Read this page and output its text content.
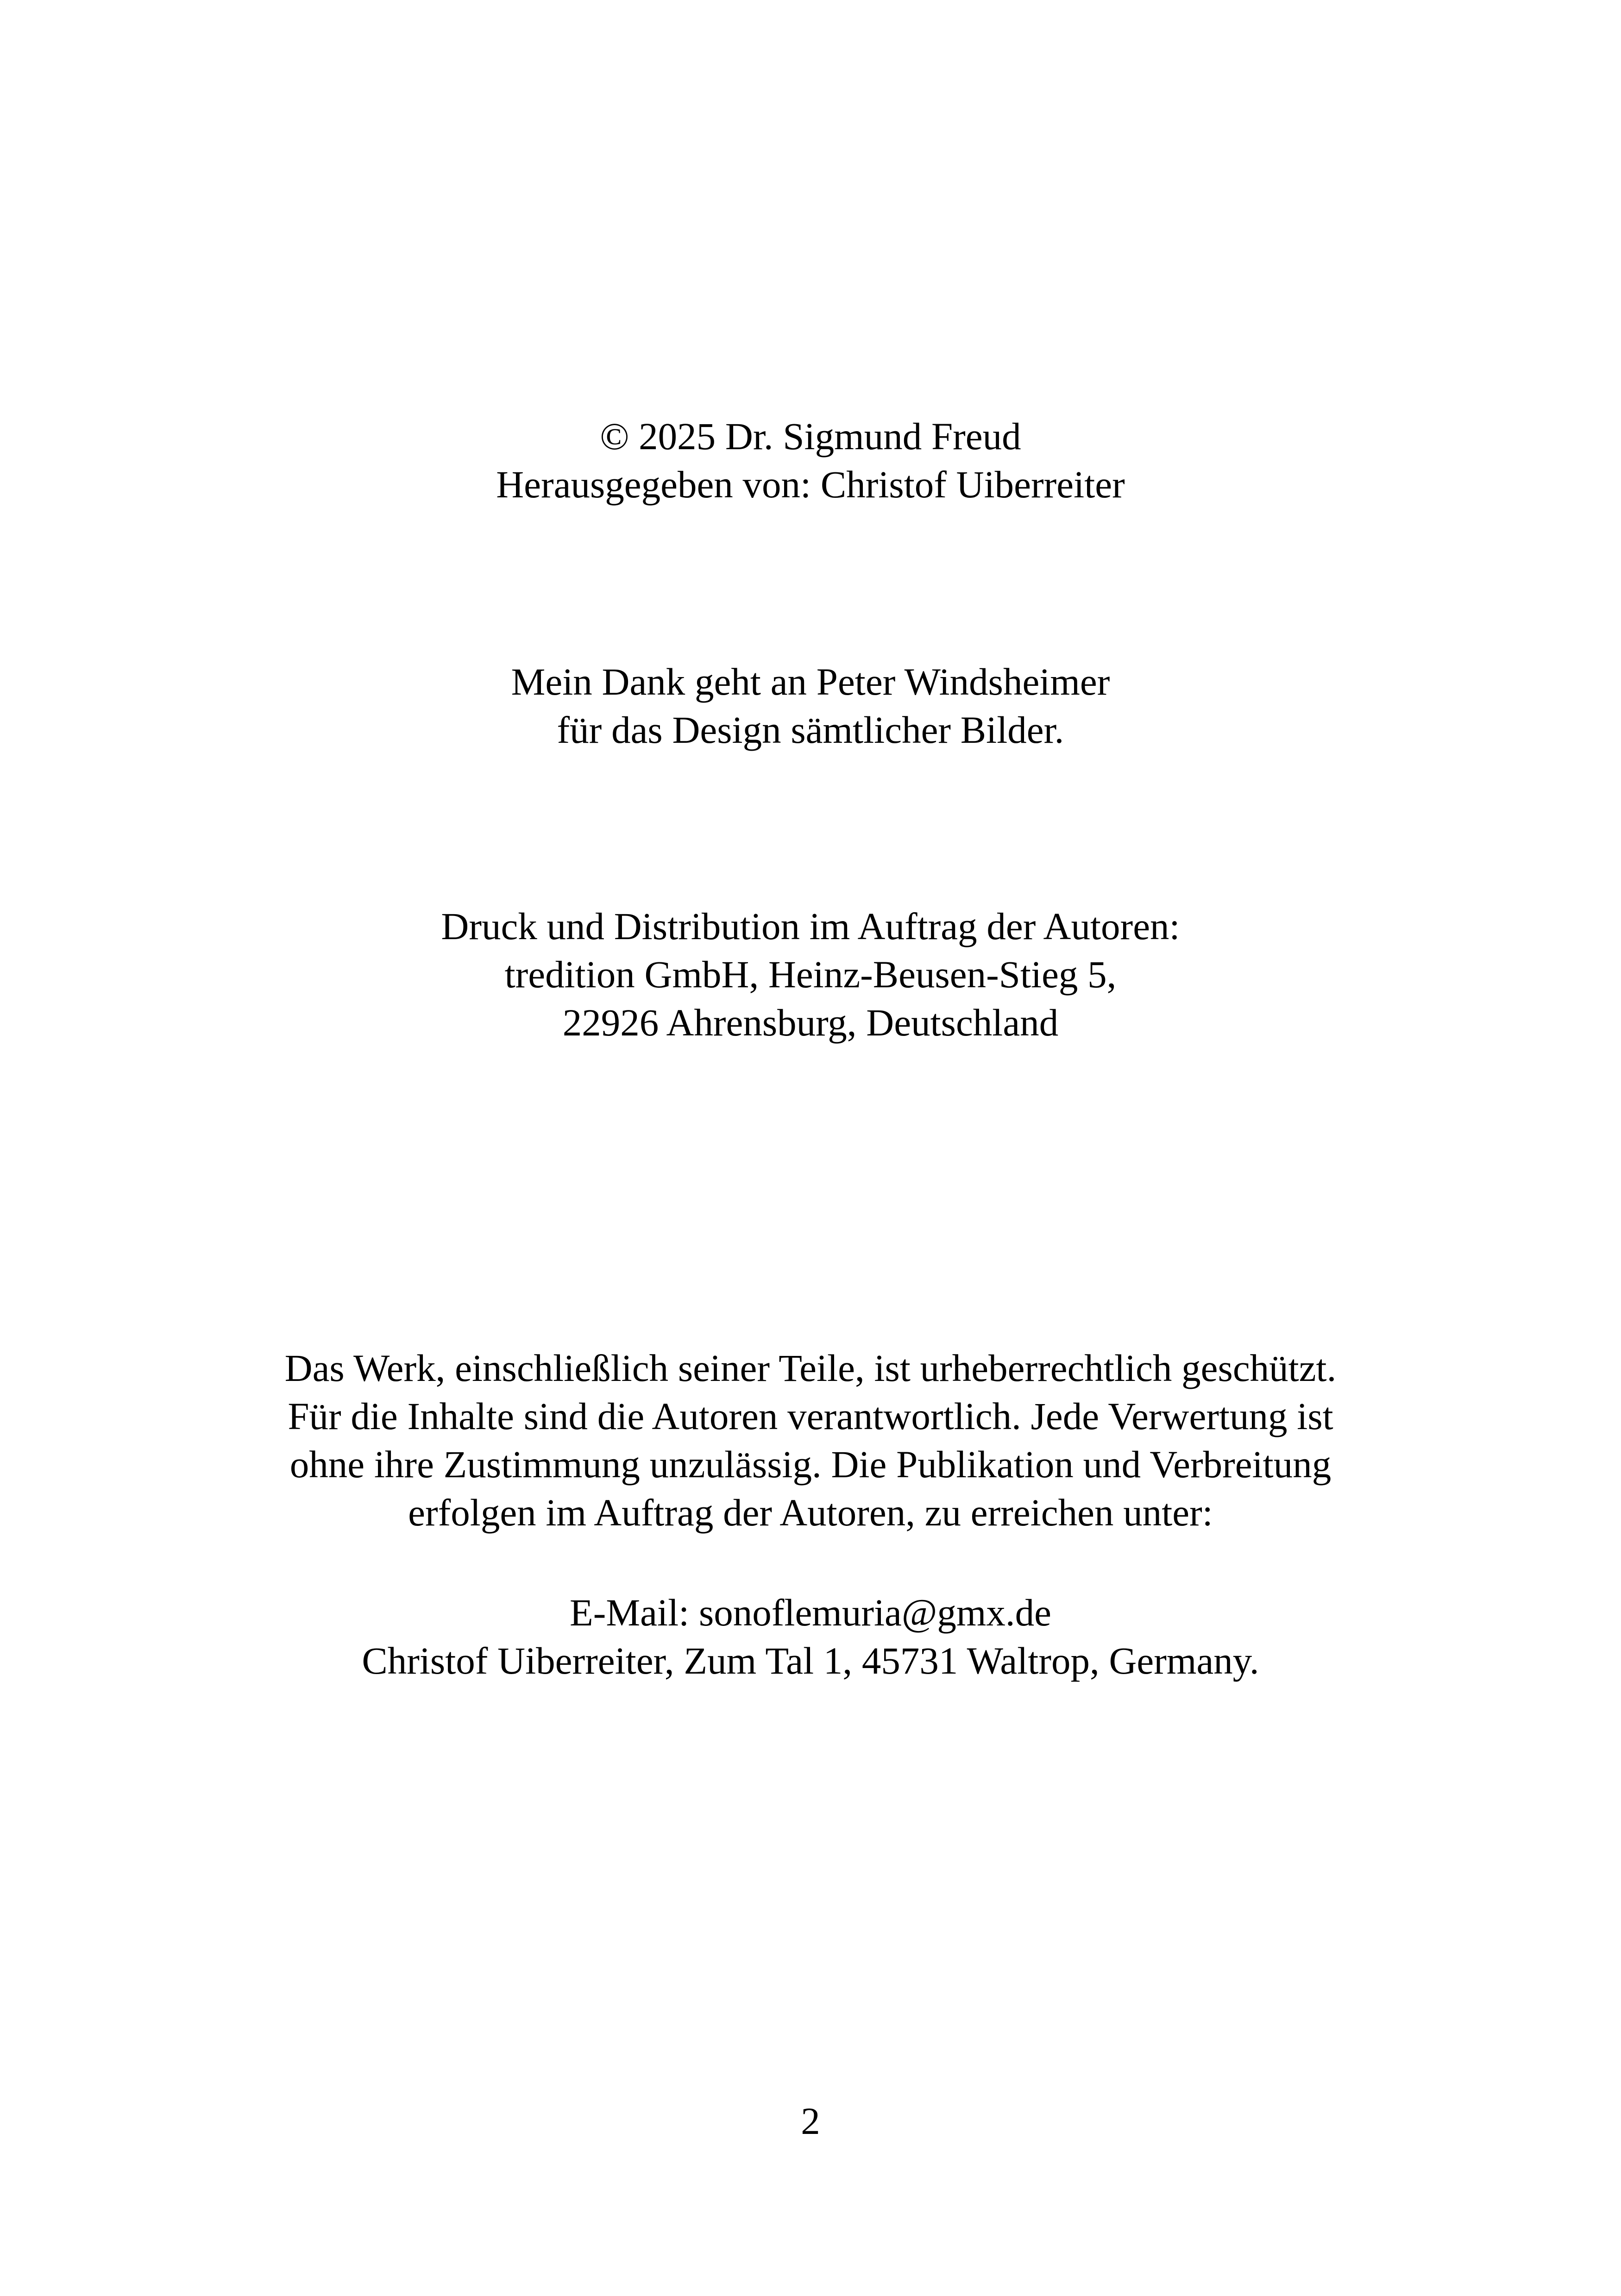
© 2025 Dr. Sigmund Freud
Herausgegeben von: Christof Uiberreiter
Mein Dank geht an Peter Windsheimer
für das Design sämtlicher Bilder.
Druck und Distribution im Auftrag der Autoren:
tredition GmbH, Heinz-Beusen-Stieg 5,
22926 Ahrensburg, Deutschland
Das Werk, einschließlich seiner Teile, ist urheberrechtlich geschützt.
Für die Inhalte sind die Autoren verantwortlich. Jede Verwertung ist
ohne ihre Zustimmung unzulässig. Die Publikation und Verbreitung
erfolgen im Auftrag der Autoren, zu erreichen unter:
E-Mail: sonoflemuria@gmx.de
Christof Uiberreiter, Zum Tal 1, 45731 Waltrop, Germany.
2
